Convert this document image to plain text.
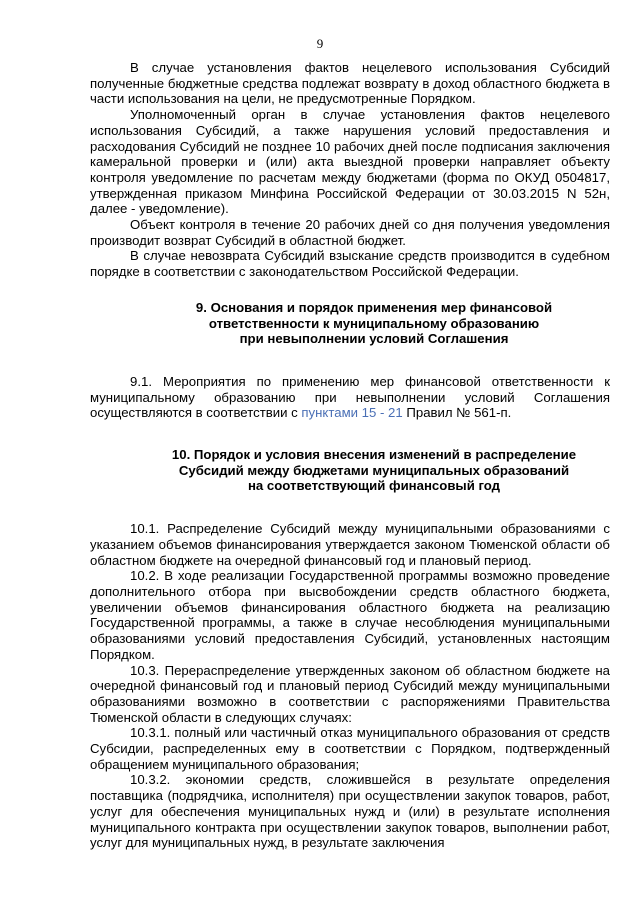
9

В случае установления фактов нецелевого использования Субсидий полученные бюджетные средства подлежат возврату в доход областного бюджета в части использования на цели, не предусмотренные Порядком.

Уполномоченный орган в случае установления фактов нецелевого использования Субсидий, а также нарушения условий предоставления и расходования Субсидий не позднее 10 рабочих дней после подписания заключения камеральной проверки и (или) акта выездной проверки направляет объекту контроля уведомление по расчетам между бюджетами (форма по ОКУД 0504817, утвержденная приказом Минфина Российской Федерации от 30.03.2015 N 52н, далее - уведомление).

Объект контроля в течение 20 рабочих дней со дня получения уведомления производит возврат Субсидий в областной бюджет.

В случае невозврата Субсидий взыскание средств производится в судебном порядке в соответствии с законодательством Российской Федерации.

9. Основания и порядок применения мер финансовой
ответственности к муниципальному образованию
при невыполнении условий Соглашения

9.1. Мероприятия по применению мер финансовой ответственности к муниципальному образованию при невыполнении условий Соглашения осуществляются в соответствии с пунктами 15 - 21 Правил № 561-п.

10. Порядок и условия внесения изменений в распределение
Субсидий между бюджетами муниципальных образований
на соответствующий финансовый год

10.1. Распределение Субсидий между муниципальными образованиями с указанием объемов финансирования утверждается законом Тюменской области об областном бюджете на очередной финансовый год и плановый период.

10.2. В ходе реализации Государственной программы возможно проведение дополнительного отбора при высвобождении средств областного бюджета, увеличении объемов финансирования областного бюджета на реализацию Государственной программы, а также в случае несоблюдения муниципальными образованиями условий предоставления Субсидий, установленных настоящим Порядком.

10.3. Перераспределение утвержденных законом об областном бюджете на очередной финансовый год и плановый период Субсидий между муниципальными образованиями возможно в соответствии с распоряжениями Правительства Тюменской области в следующих случаях:

10.3.1. полный или частичный отказ муниципального образования от средств Субсидии, распределенных ему в соответствии с Порядком, подтвержденный обращением муниципального образования;

10.3.2. экономии средств, сложившейся в результате определения поставщика (подрядчика, исполнителя) при осуществлении закупок товаров, работ, услуг для обеспечения муниципальных нужд и (или) в результате исполнения муниципального контракта при осуществлении закупок товаров, выполнении работ, услуг для муниципальных нужд, в результате заключения
